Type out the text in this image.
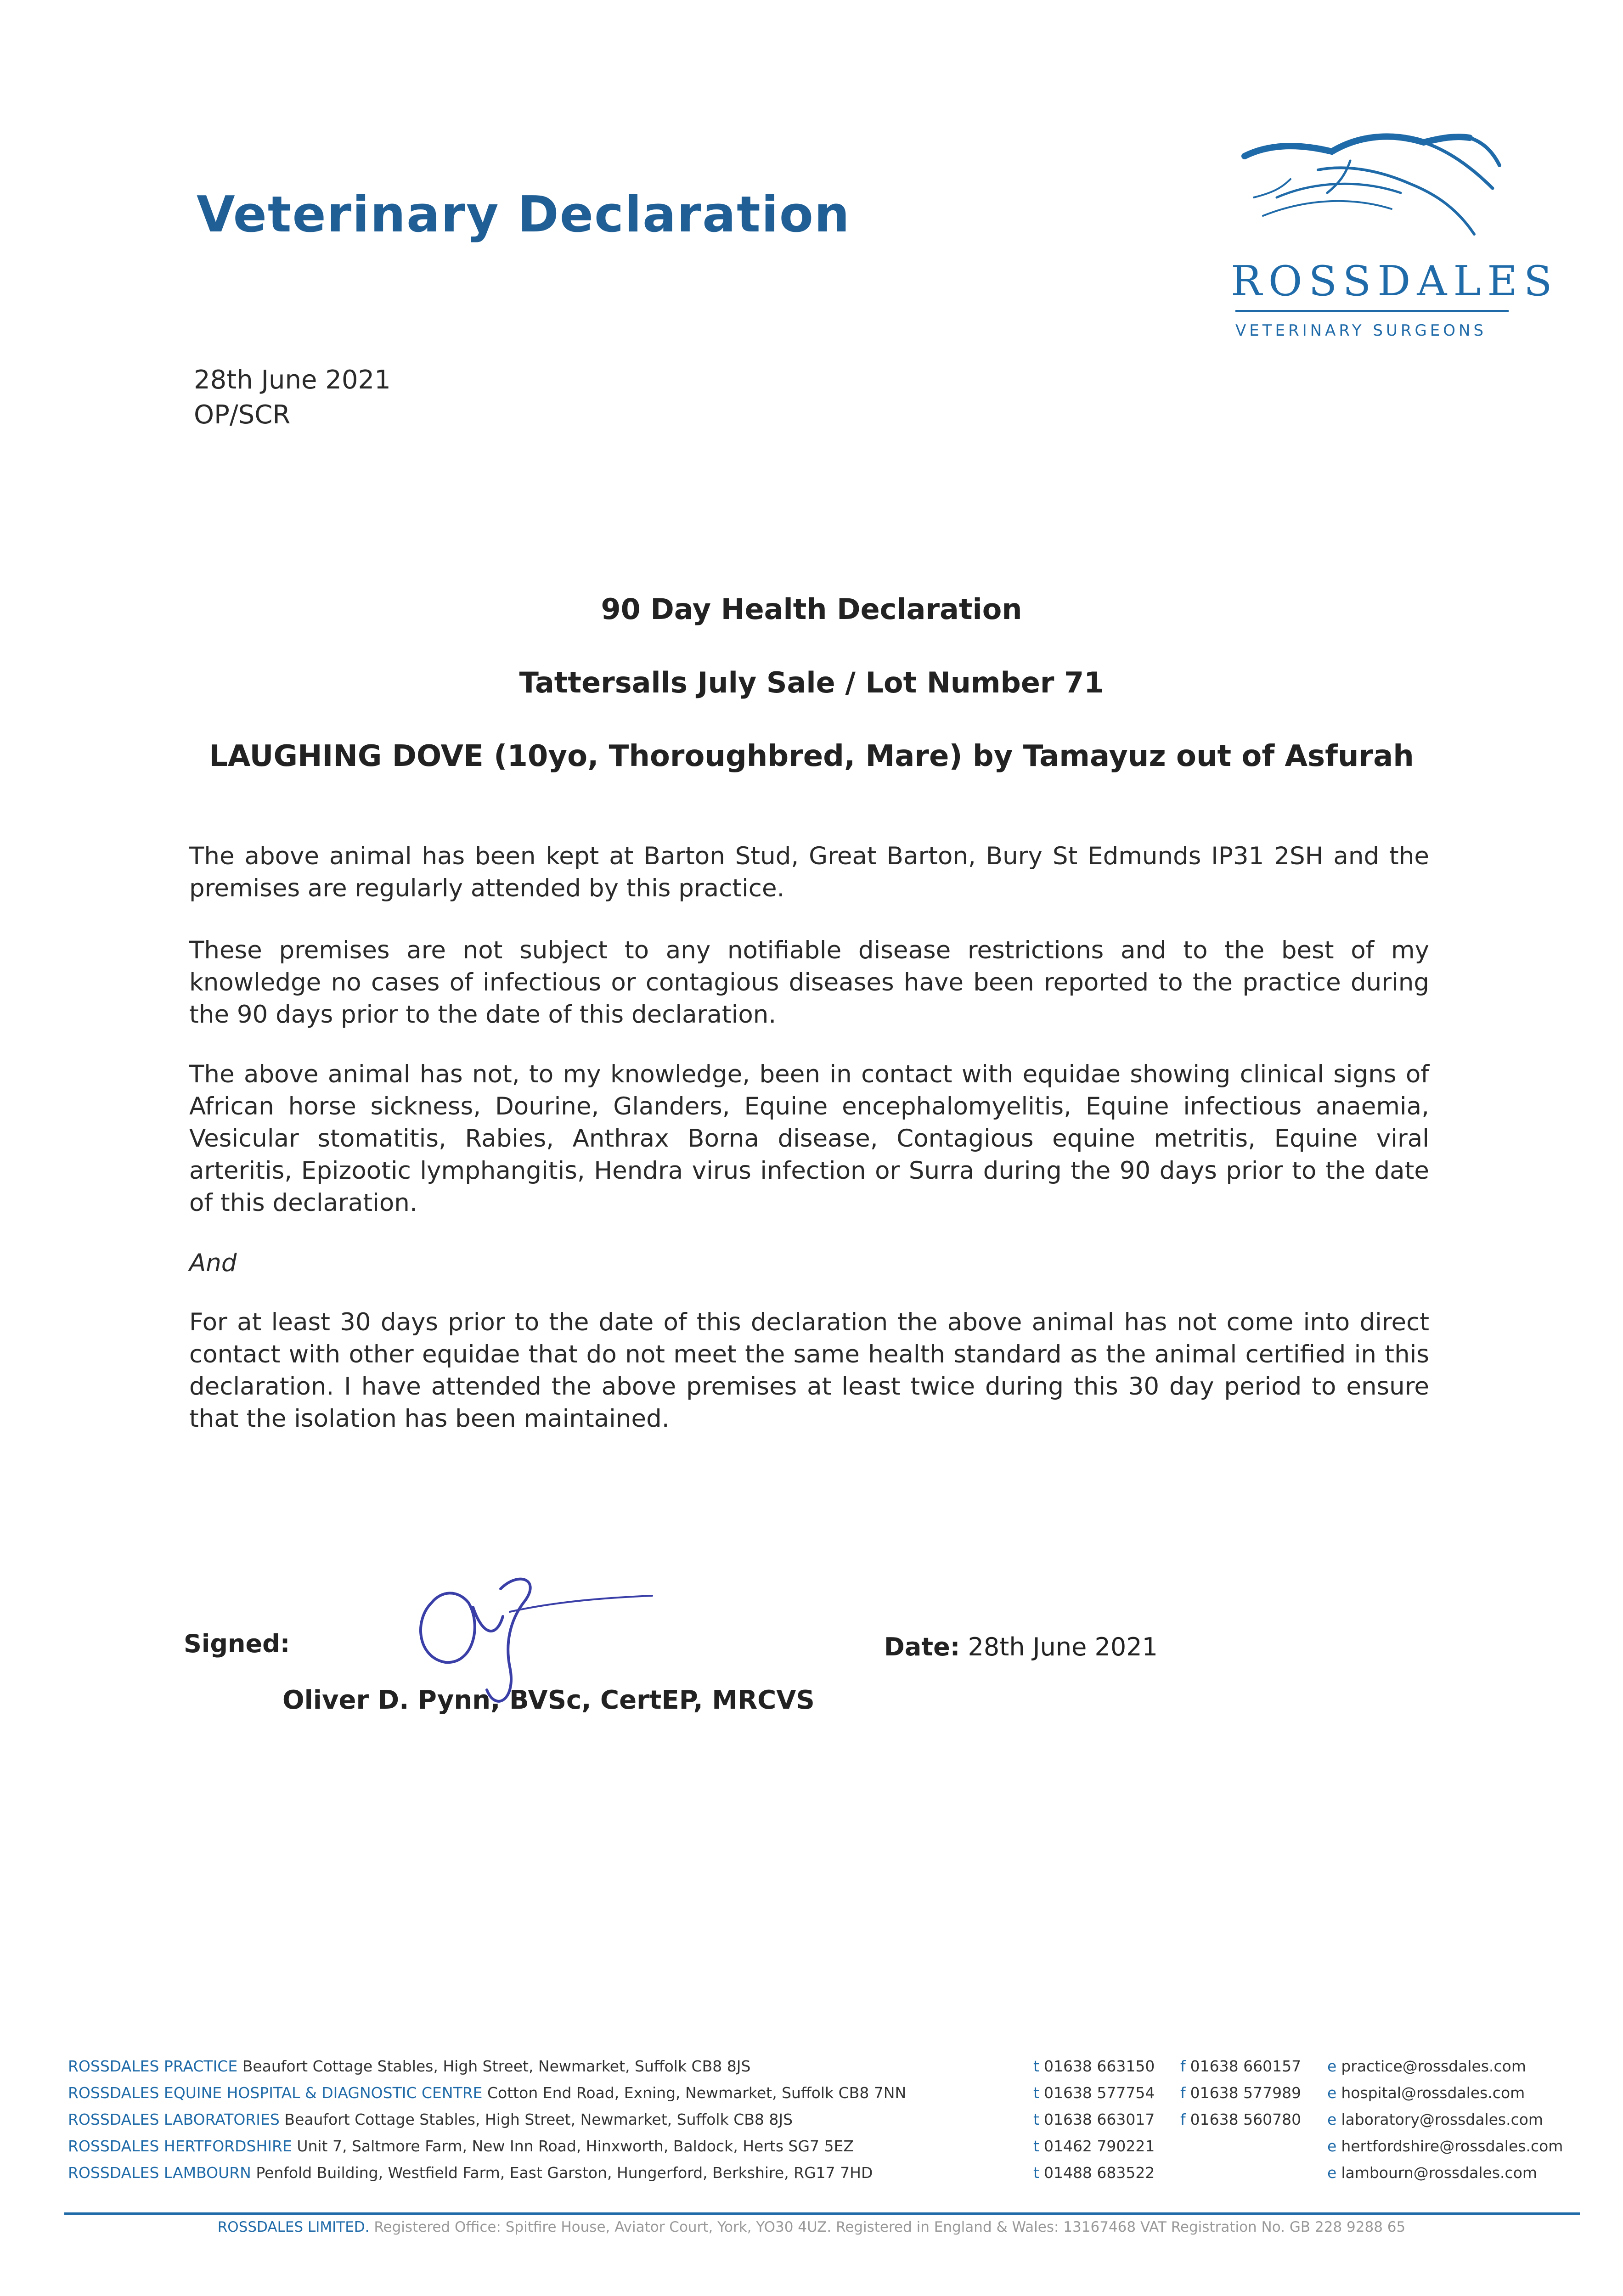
Veterinary Declaration
ROSSDALES
VETERINARY SURGEONS
28th June 2021
OP/SCR
90 Day Health Declaration
Tattersalls July Sale / Lot Number 71
LAUGHING DOVE (10yo, Thoroughbred, Mare) by Tamayuz out of Asfurah
The above animal has been kept at Barton Stud, Great Barton, Bury St Edmunds IP31 2SH and the premises are regularly attended by this practice.
These premises are not subject to any notifiable disease restrictions and to the best of my knowledge no cases of infectious or contagious diseases have been reported to the practice during the 90 days prior to the date of this declaration.
The above animal has not, to my knowledge, been in contact with equidae showing clinical signs of African horse sickness, Dourine, Glanders, Equine encephalomyelitis, Equine infectious anaemia, Vesicular stomatitis, Rabies, Anthrax Borna disease, Contagious equine metritis, Equine viral arteritis, Epizootic lymphangitis, Hendra virus infection or Surra during the 90 days prior to the date of this declaration.
And
For at least 30 days prior to the date of this declaration the above animal has not come into direct contact with other equidae that do not meet the same health standard as the animal certified in this declaration. I have attended the above premises at least twice during this 30 day period to ensure that the isolation has been maintained.
Signed:
Oliver D. Pynn, BVSc, CertEP, MRCVS
Date: 28th June 2021
ROSSDALES PRACTICE Beaufort Cottage Stables, High Street, Newmarket, Suffolk CB8 8JS	t 01638 663150 f 01638 660157 e practice@rossdales.com
ROSSDALES EQUINE HOSPITAL & DIAGNOSTIC CENTRE Cotton End Road, Exning, Newmarket, Suffolk CB8 7NN	t 01638 577754 f 01638 577989 e hospital@rossdales.com
ROSSDALES LABORATORIES Beaufort Cottage Stables, High Street, Newmarket, Suffolk CB8 8JS	t 01638 663017 f 01638 560780 e laboratory@rossdales.com
ROSSDALES HERTFORDSHIRE Unit 7, Saltmore Farm, New Inn Road, Hinxworth, Baldock, Herts SG7 5EZ	t 01462 790221	e hertfordshire@rossdales.com
ROSSDALES LAMBOURN Penfold Building, Westfield Farm, East Garston, Hungerford, Berkshire, RG17 7HD	t 01488 683522	e lambourn@rossdales.com
ROSSDALES LIMITED. Registered Office: Spitfire House, Aviator Court, York, YO30 4UZ. Registered in England & Wales: 13167468 VAT Registration No. GB 228 9288 65
